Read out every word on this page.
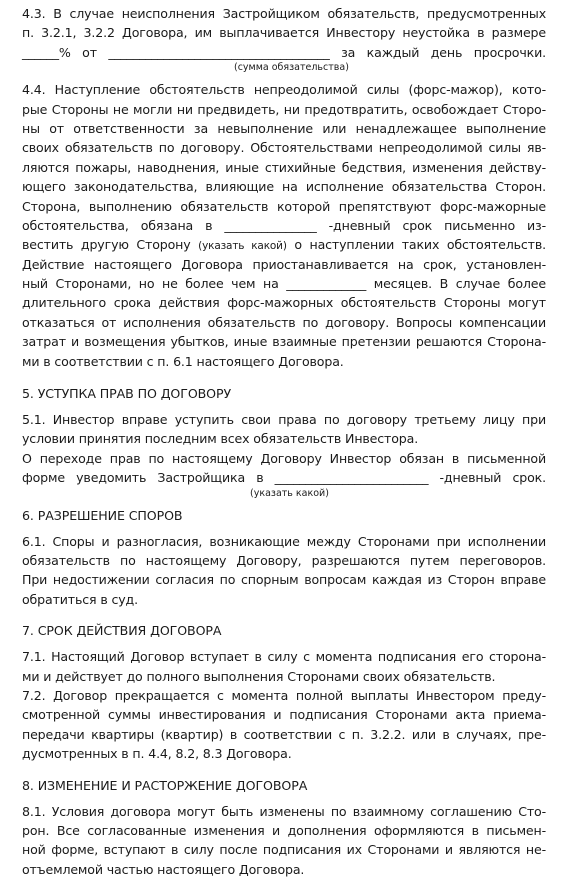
4.3. В случае неисполнения Застройщиком обязательств, предусмотренных
п. 3.2.1, 3.2.2 Договора, им выплачивается Инвестору неустойка в размере
______% от ____________________________________ за каждый день просрочки.
(сумма обязательства)
4.4. Наступление обстоятельств непреодолимой силы (форс-мажор), кото-
рые Стороны не могли ни предвидеть, ни предотвратить, освобождает Сторо-
ны от ответственности за невыполнение или ненадлежащее выполнение
своих обязательств по договору. Обстоятельствами непреодолимой силы яв-
ляются пожары, наводнения, иные стихийные бедствия, изменения действу-
ющего законодательства, влияющие на исполнение обязательства Сторон.
Сторона, выполнению обязательств которой препятствуют форс-мажорные
обстоятельства, обязана в _______________ -дневный срок письменно из-
вестить другую Сторону (указать какой) о наступлении таких обстоятельств.
Действие настоящего Договора приостанавливается на срок, установлен-
ный Сторонами, но не более чем на _____________ месяцев. В случае более
длительного срока действия форс-мажорных обстоятельств Стороны могут
отказаться от исполнения обязательств по договору. Вопросы компенсации
затрат и возмещения убытков, иные взаимные претензии решаются Сторона-
ми в соответствии с п. 6.1 настоящего Договора.
5. УСТУПКА ПРАВ ПО ДОГОВОРУ
5.1. Инвестор вправе уступить свои права по договору третьему лицу при
условии принятия последним всех обязательств Инвестора.
О переходе прав по настоящему Договору Инвестор обязан в письменной
форме уведомить Застройщика в _________________________ -дневный срок.
(указать какой)
6. РАЗРЕШЕНИЕ СПОРОВ
6.1. Споры и разногласия, возникающие между Сторонами при исполнении
обязательств по настоящему Договору, разрешаются путем переговоров.
При недостижении согласия по спорным вопросам каждая из Сторон вправе
обратиться в суд.
7. СРОК ДЕЙСТВИЯ ДОГОВОРА
7.1. Настоящий Договор вступает в силу с момента подписания его сторона-
ми и действует до полного выполнения Сторонами своих обязательств.
7.2. Договор прекращается с момента полной выплаты Инвестором преду-
смотренной суммы инвестирования и подписания Сторонами акта приема-
передачи квартиры (квартир) в соответствии с п. 3.2.2. или в случаях, пре-
дусмотренных в п. 4.4, 8.2, 8.3 Договора.
8. ИЗМЕНЕНИЕ И РАСТОРЖЕНИЕ ДОГОВОРА
8.1. Условия договора могут быть изменены по взаимному соглашению Сто-
рон. Все согласованные изменения и дополнения оформляются в письмен-
ной форме, вступают в силу после подписания их Сторонами и являются не-
отъемлемой частью настоящего Договора.
